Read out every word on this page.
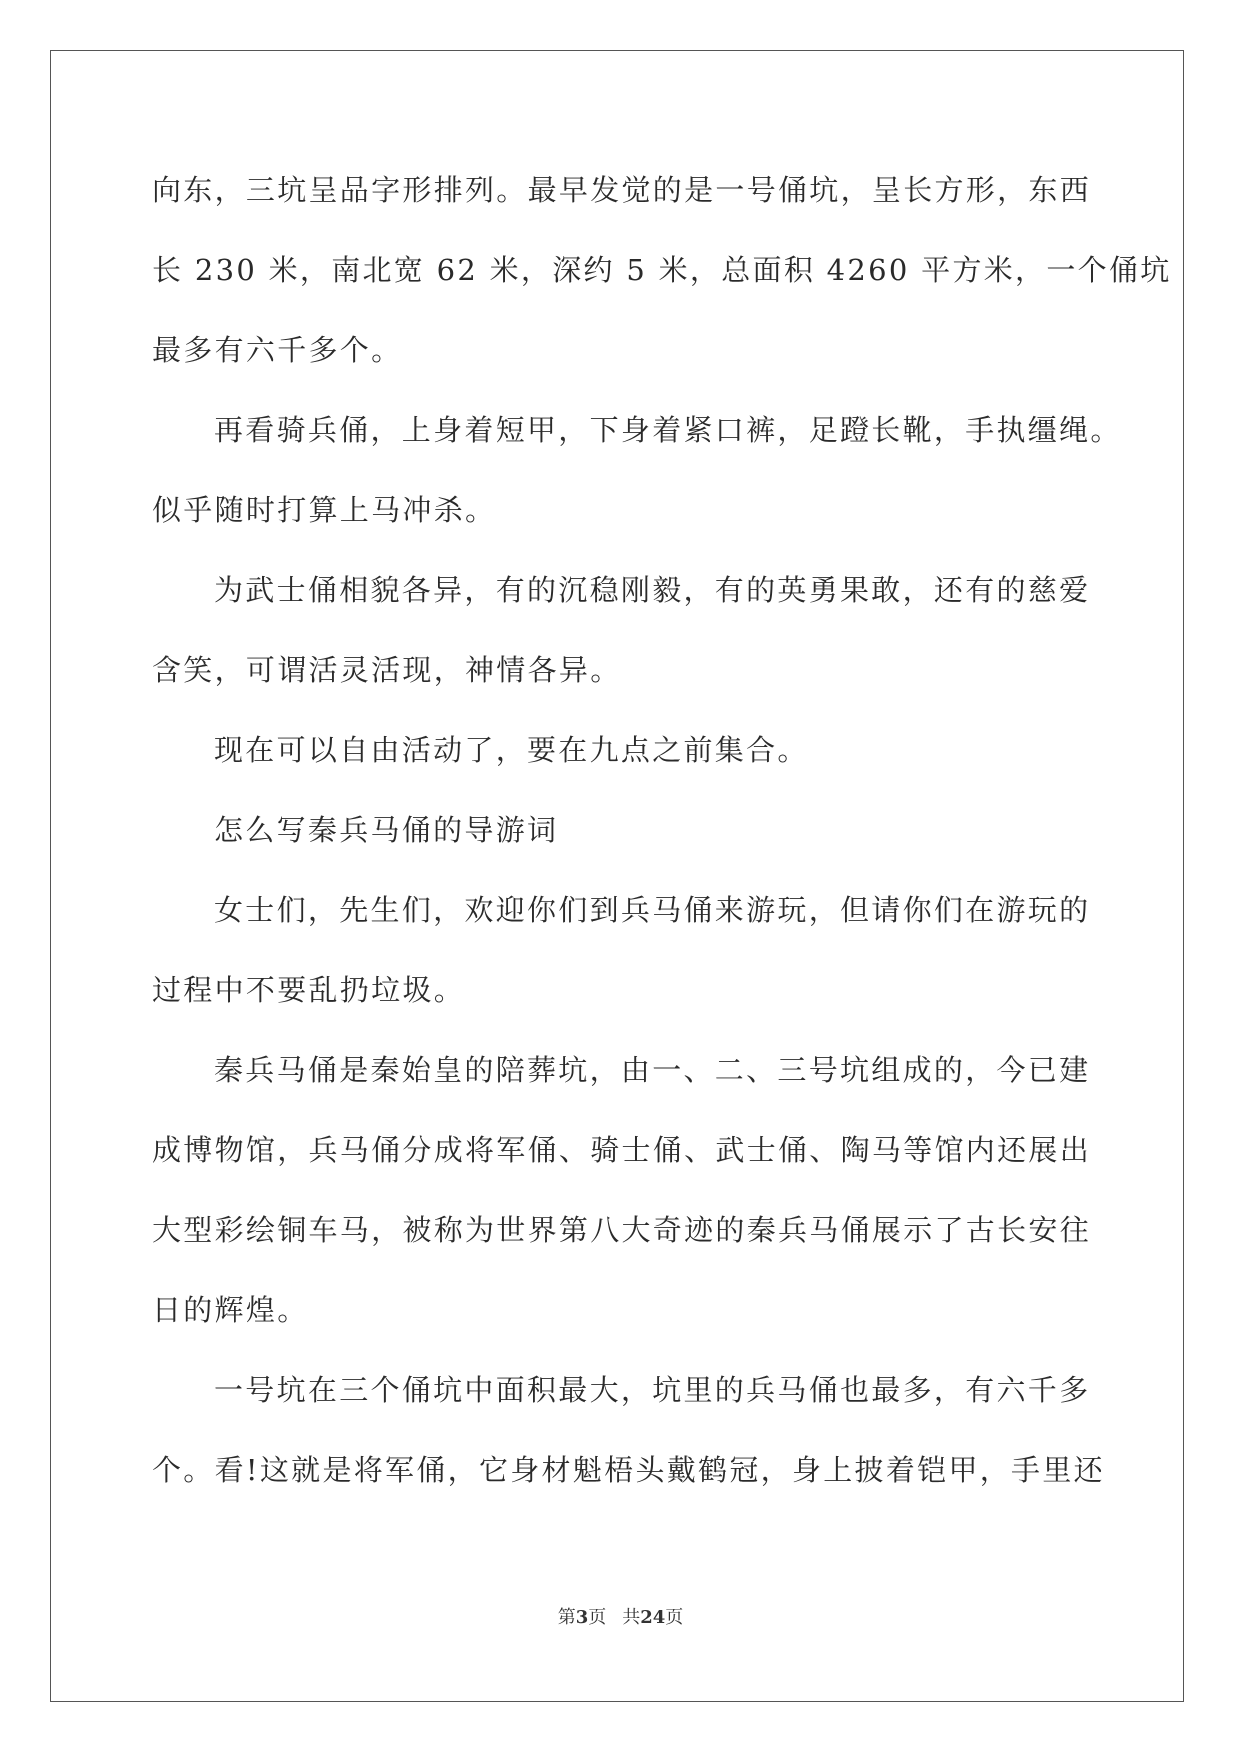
向东，三坑呈品字形排列。最早发觉的是一号俑坑，呈长方形，东西
长 230 米，南北宽 62 米，深约 5 米，总面积 4260 平方米，一个俑坑
最多有六千多个。
再看骑兵俑，上身着短甲，下身着紧口裤，足蹬长靴，手执缰绳。
似乎随时打算上马冲杀。
为武士俑相貌各异，有的沉稳刚毅，有的英勇果敢，还有的慈爱
含笑，可谓活灵活现，神情各异。
现在可以自由活动了，要在九点之前集合。
怎么写秦兵马俑的导游词
女士们，先生们，欢迎你们到兵马俑来游玩，但请你们在游玩的
过程中不要乱扔垃圾。
秦兵马俑是秦始皇的陪葬坑，由一、二、三号坑组成的，今已建
成博物馆，兵马俑分成将军俑、骑士俑、武士俑、陶马等馆内还展出
大型彩绘铜车马，被称为世界第八大奇迹的秦兵马俑展示了古长安往
日的辉煌。
一号坑在三个俑坑中面积最大，坑里的兵马俑也最多，有六千多
个。看!这就是将军俑，它身材魁梧头戴鹤冠，身上披着铠甲，手里还
第3页 共24页
